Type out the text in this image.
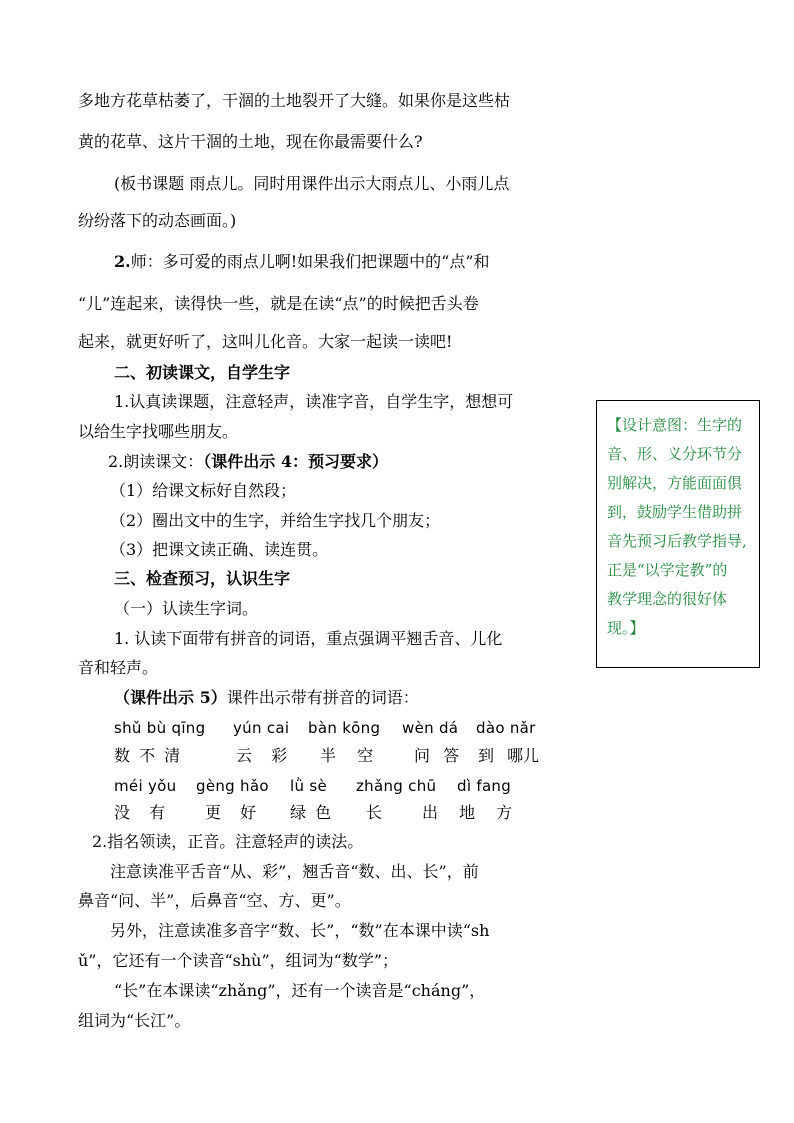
多地方花草枯萎了，干涸的土地裂开了大缝。如果你是这些枯
黄的花草、这片干涸的土地，现在你最需要什么?
(板书课题 雨点儿。同时用课件出示大雨点儿、小雨儿点
纷纷落下的动态画面。)
2.师：多可爱的雨点儿啊!如果我们把课题中的“点”和
“儿”连起来，读得快一些，就是在读“点”的时候把舌头卷
起来，就更好听了，这叫儿化音。大家一起读一读吧!
二、初读课文，自学生字
1.认真读课题，注意轻声，读准字音，自学生字，想想可
以给生字找哪些朋友。
2.朗读课文：（课件出示 4：预习要求）
（1）给课文标好自然段；
（2）圈出文中的生字，并给生字找几个朋友；
（3）把课文读正确、读连贯。
三、检查预习，认识生字
（一）认读生字词。
1. 认读下面带有拼音的词语，重点强调平翘舌音、儿化
音和轻声。
（课件出示 5）课件出示带有拼音的词语：
shǔ bù qīng yún cai bàn kōng wèn dá dào nǎr
数 不 清	云 彩 半 空	问 答 到 哪儿
méi yǒu gèng hǎo lǜ sè zhǎng chū dì fang
没 有 更 好 绿 色 长 出 地 方
2.指名领读，正音。注意轻声的读法。
注意读准平舌音“从、彩”，翘舌音“数、出、长”，前
鼻音“问、半”，后鼻音“空、方、更”。
另外，注意读准多音字“数、长”，“数”在本课中读“sh
ǔ”，它还有一个读音“shù”，组词为“数学”；
“长”在本课读“zhǎng”，还有一个读音是“cháng”，
组词为“长江”。

【设计意图：生字的

音、形、义分环节分

别解决，方能面面俱

到，鼓励学生借助拼

音先预习后教学指导,

正是“以学定教”的

教学理念的很好体

现。】
